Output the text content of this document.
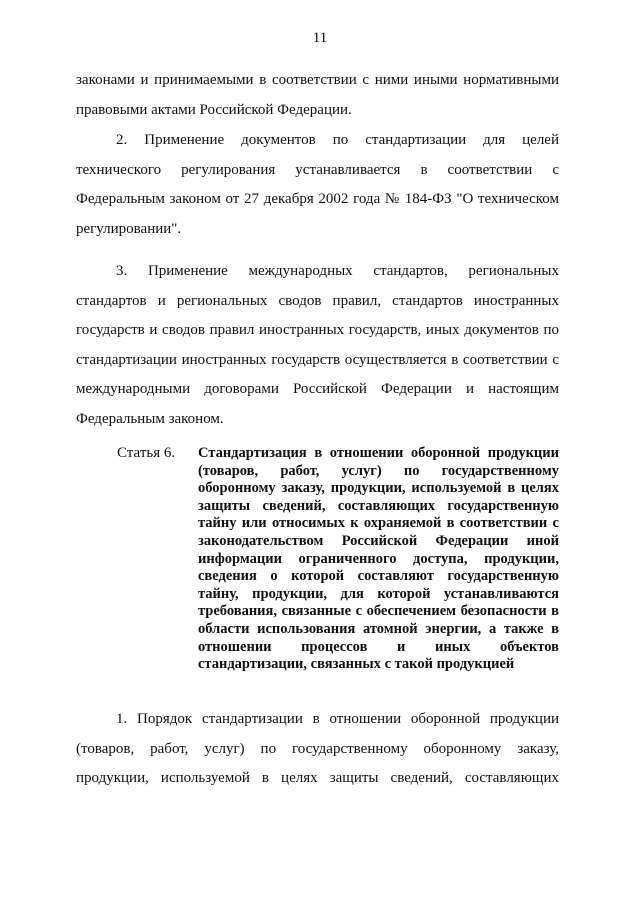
11
законами и принимаемыми в соответствии с ними иными нормативными правовыми актами Российской Федерации.
2. Применение документов по стандартизации для целей технического регулирования устанавливается в соответствии с Федеральным законом от 27 декабря 2002 года № 184-ФЗ "О техническом регулировании".
3. Применение международных стандартов, региональных стандартов и региональных сводов правил, стандартов иностранных государств и сводов правил иностранных государств, иных документов по стандартизации иностранных государств осуществляется в соответствии с международными договорами Российской Федерации и настоящим Федеральным законом.
Статья 6. Стандартизация в отношении оборонной продукции (товаров, работ, услуг) по государственному оборонному заказу, продукции, используемой в целях защиты сведений, составляющих государственную тайну или относимых к охраняемой в соответствии с законодательством Российской Федерации иной информации ограниченного доступа, продукции, сведения о которой составляют государственную тайну, продукции, для которой устанавливаются требования, связанные с обеспечением безопасности в области использования атомной энергии, а также в отношении процессов и иных объектов стандартизации, связанных с такой продукцией
1. Порядок стандартизации в отношении оборонной продукции (товаров, работ, услуг) по государственному оборонному заказу, продукции, используемой в целях защиты сведений, составляющих
